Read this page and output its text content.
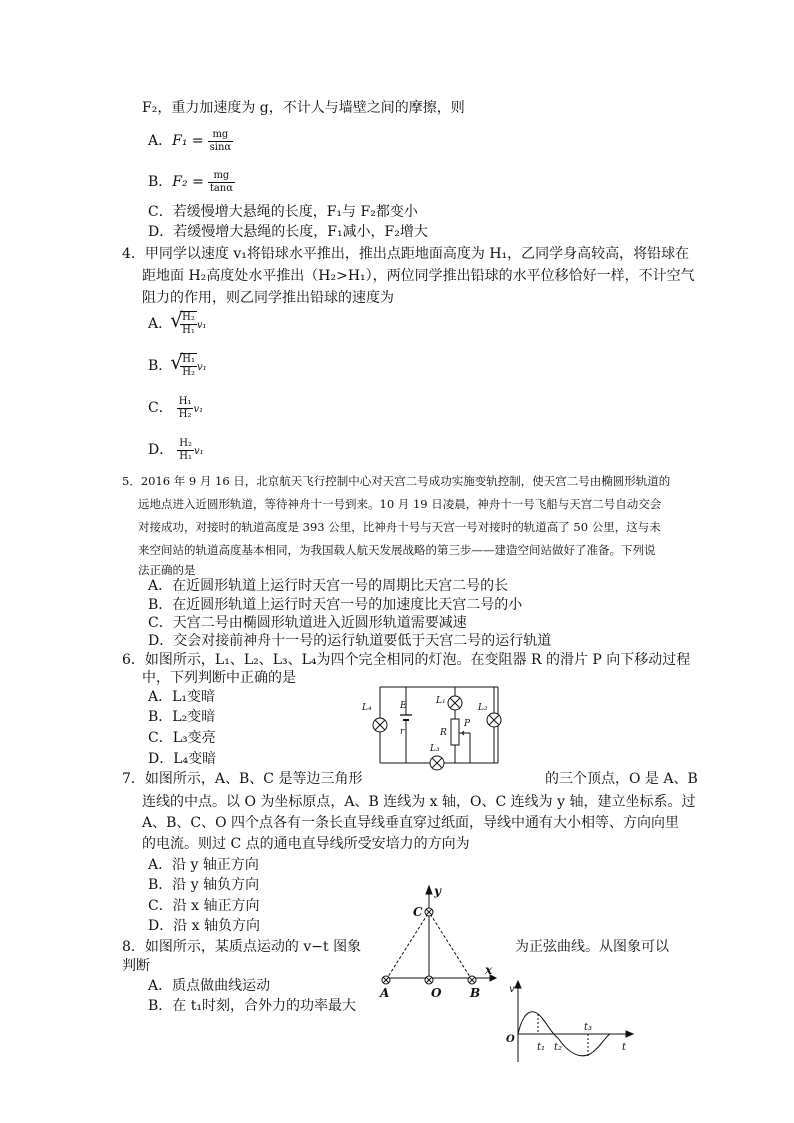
F₂，重力加速度为 g，不计人与墙壁之间的摩擦，则
A．$F_1 = \frac{mg}{\sin\alpha}$
B．$F_2 = \frac{mg}{\tan\alpha}$
C．若缓慢增大悬绳的长度，F₁与 F₂都变小
D．若缓慢增大悬绳的长度，F₁减小，F₂增大
4．甲同学以速度 v₁将铅球水平推出，推出点距地面高度为 H₁，乙同学身高较高，将铅球在
距地面 H₂高度处水平推出（H₂>H₁），两位同学推出铅球的水平位移恰好一样，不计空气
阻力的作用，则乙同学推出铅球的速度为
A． √ $\frac{\text{H₂}}{\text{H₁}} v_1$
B． √ $\frac{\text{H₁}}{\text{H₂}} v_1$
C． $\frac{\text{H₁}}{\text{H₂}} v_1$
D． $\frac{\text{H₂}}{\text{H₁}} v_1$
5．2016 年 9 月 16 日，北京航天飞行控制中心对天宫二号成功实施变轨控制，使天宫二号由椭圆形轨道的
远地点进入近圆形轨道，等待神舟十一号到来。10 月 19 日凌晨，神舟十一号飞船与天宫二号自动交会
对接成功，对接时的轨道高度是 393 公里，比神舟十号与天宫一号对接时的轨道高了 50 公里，这与未
来空间站的轨道高度基本相同，为我国载人航天发展战略的第三步——建造空间站做好了准备。下列说
法正确的是
A．在近圆形轨道上运行时天宫一号的周期比天宫二号的长
B．在近圆形轨道上运行时天宫一号的加速度比天宫二号的小
C．天宫二号由椭圆形轨道进入近圆形轨道需要减速
D．交会对接前神舟十一号的运行轨道要低于天宫二号的运行轨道
6．如图所示，L₁、L₂、L₃、L₄为四个完全相同的灯泡。在变阻器 R 的滑片 P 向下移动过程
中，下列判断中正确的是
A．L₁变暗
B．L₂变暗
C．L₃变亮
D．L₄变暗
L₄	E
r
L₁
L₂
L₃
R
P
7．如图所示，A、B、C 是等边三角形	的三个顶点，O 是 A、B
连线的中点。以 O 为坐标原点，A、B 连线为 x 轴，O、C 连线为 y 轴，建立坐标系。过
A、B、C、O 四个点各有一条长直导线垂直穿过纸面，导线中通有大小相等、方向向里
的电流。则过 C 点的通电直导线所受安培力的方向为
A．沿 y 轴正方向
B．沿 y 轴负方向
C．沿 x 轴正方向
D．沿 x 轴负方向
y
x
C
A	O B
8．如图所示，某质点运动的 v−t 图象	为正弦曲线。从图象可以
判断
A．质点做曲线运动
B．在 t₁时刻，合外力的功率最大
v
O
t
t₁ t₂
t₃
